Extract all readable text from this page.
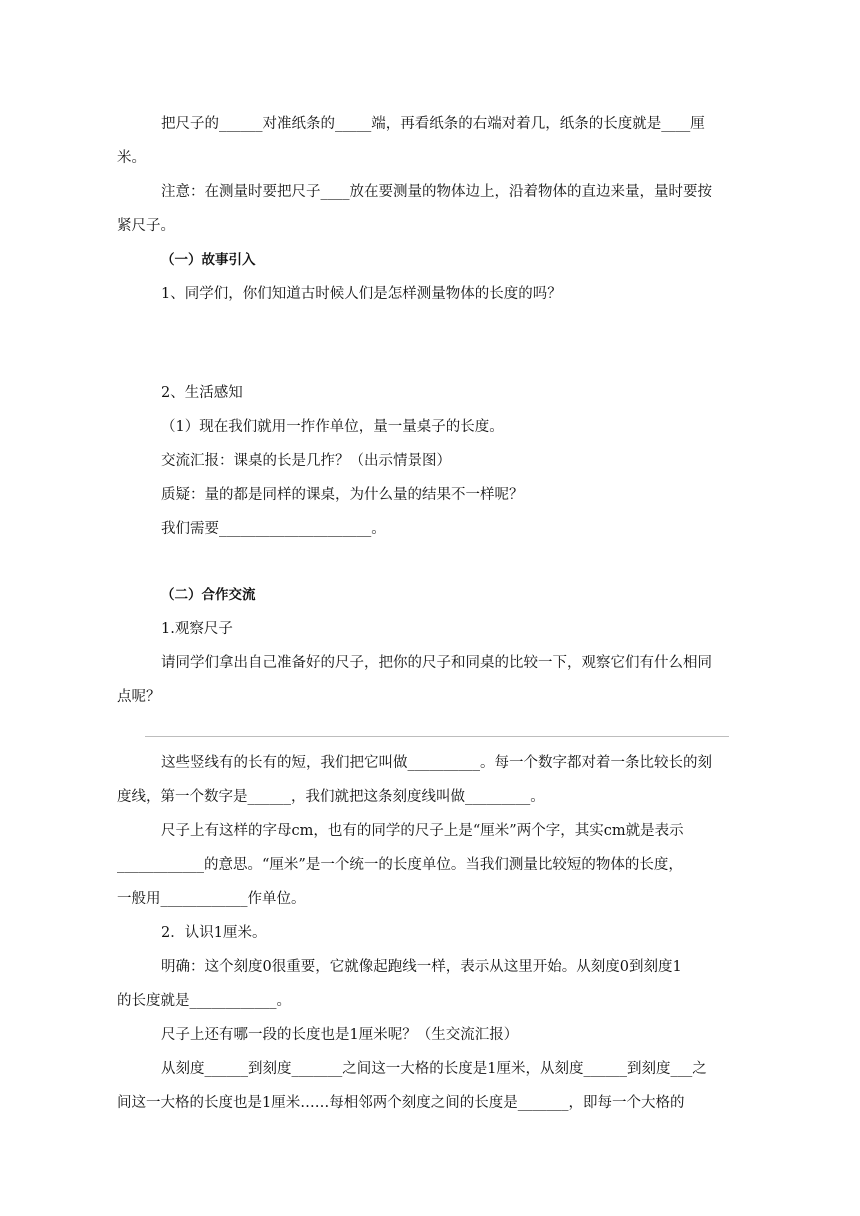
把尺子的______对准纸条的_____端，再看纸条的右端对着几，纸条的长度就是____厘
米。
注意：在测量时要把尺子____放在要测量的物体边上，沿着物体的直边来量，量时要按
紧尺子。
（一）故事引入
1、同学们，你们知道古时候人们是怎样测量物体的长度的吗？
2、生活感知
（1）现在我们就用一拃作单位，量一量桌子的长度。
交流汇报：课桌的长是几拃？（出示情景图）
质疑：量的都是同样的课桌，为什么量的结果不一样呢？
我们需要_____________________。
（二）合作交流
1.观察尺子
请同学们拿出自己准备好的尺子，把你的尺子和同桌的比较一下，观察它们有什么相同
点呢？
这些竖线有的长有的短，我们把它叫做__________。每一个数字都对着一条比较长的刻
度线，第一个数字是______，我们就把这条刻度线叫做_________。
尺子上有这样的字母cm，也有的同学的尺子上是“厘米”两个字，其实cm就是表示
____________的意思。“厘米”是一个统一的长度单位。当我们测量比较短的物体的长度，
一般用____________作单位。
2．认识1厘米。
明确：这个刻度0很重要，它就像起跑线一样，表示从这里开始。从刻度0到刻度1
的长度就是____________。
尺子上还有哪一段的长度也是1厘米呢？（生交流汇报）
从刻度______到刻度_______之间这一大格的长度是1厘米，从刻度______到刻度___之
间这一大格的长度也是1厘米……每相邻两个刻度之间的长度是_______，即每一个大格的
